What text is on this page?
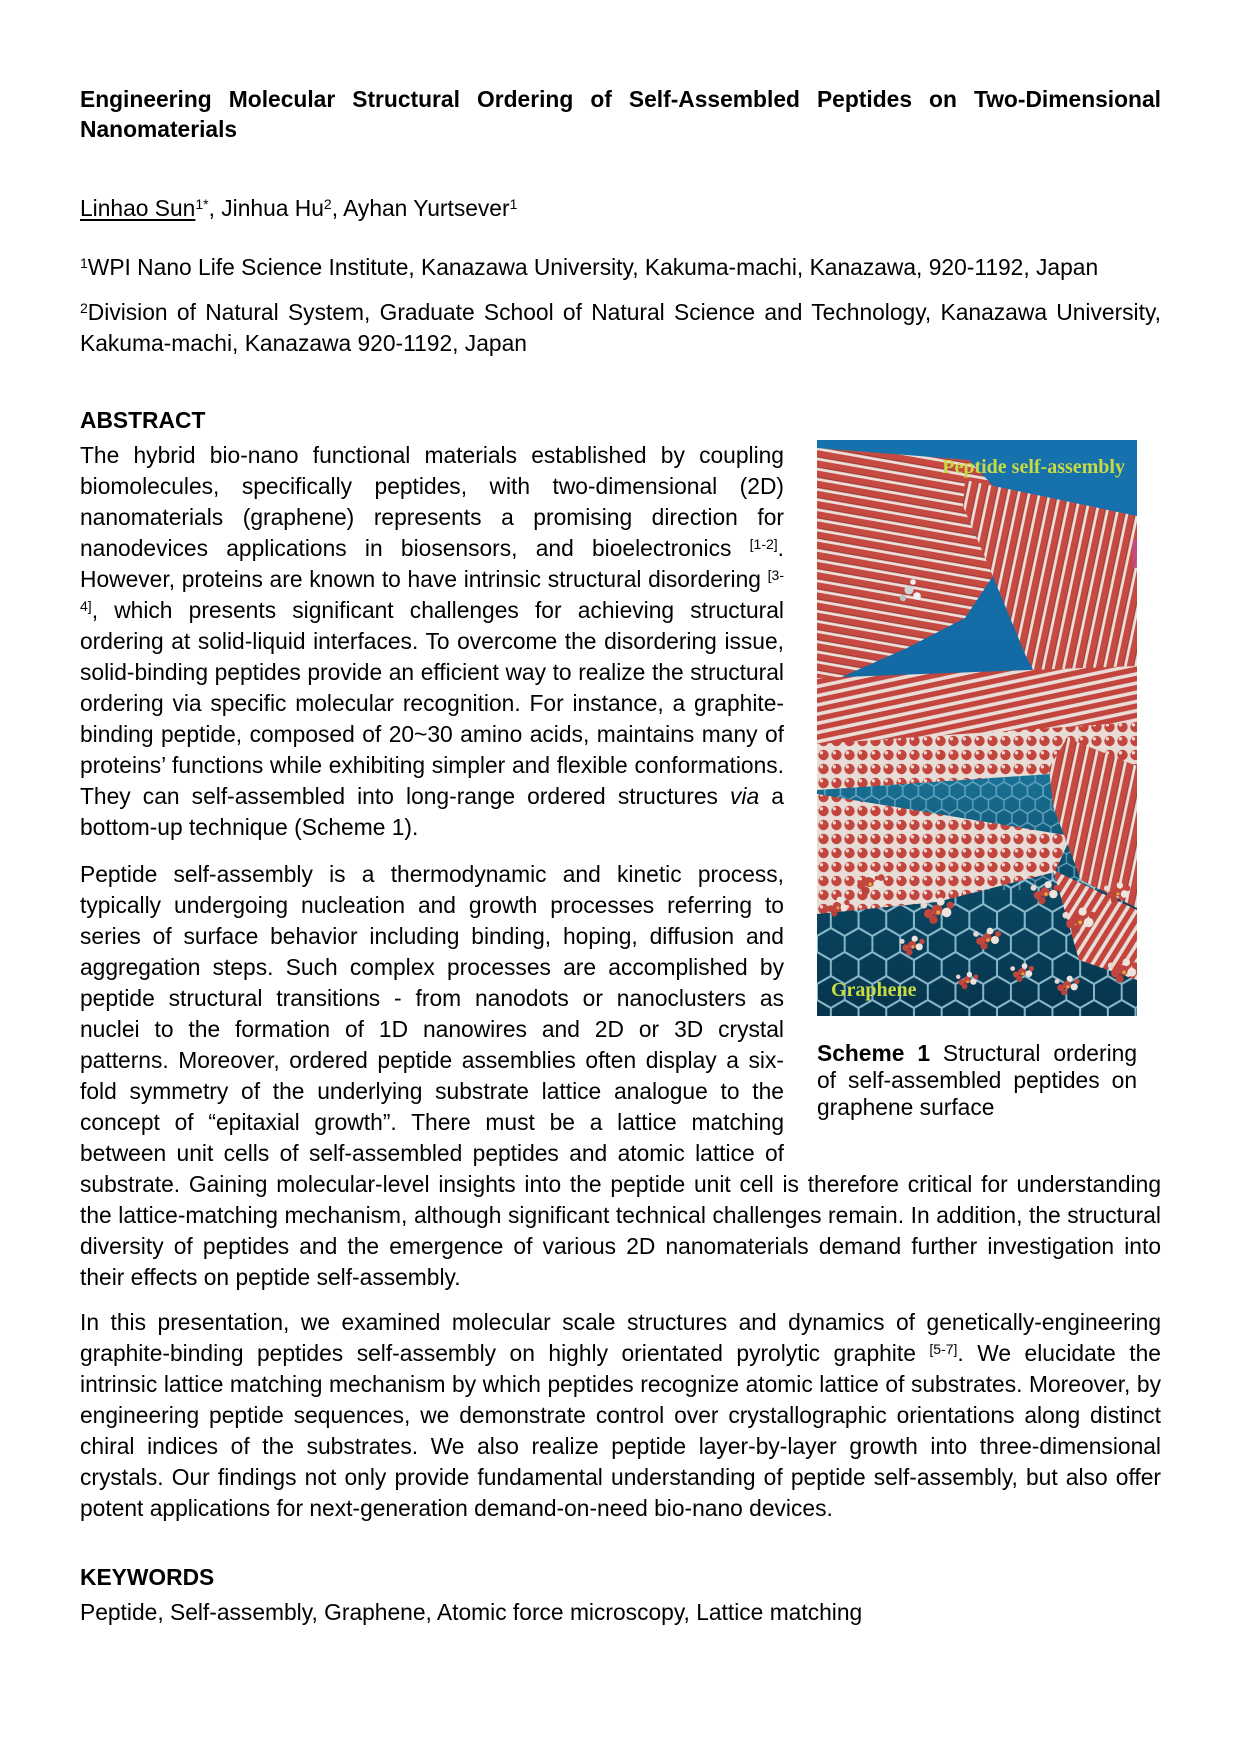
Engineering Molecular Structural Ordering of Self-Assembled Peptides on Two-Dimensional
Nanomaterials

Linhao Sun$^{1*}$, Jinhua Hu$^2$, Ayhan Yurtsever$^1$

$^1$WPI Nano Life Science Institute, Kanazawa University, Kakuma-machi, Kanazawa, 920-1192, Japan

$^2$Division of Natural System, Graduate School of Natural Science and Technology, Kanazawa University, Kakuma-machi, Kanazawa 920-1192, Japan

ABSTRACT
Peptide self-assembly
Graphene

Scheme 1 Structural ordering of self-assembled peptides on graphene surface

The hybrid bio-nano functional materials established by coupling biomolecules, specifically peptides, with two-dimensional (2D) nanomaterials (graphene) represents a promising direction for nanodevices applications in biosensors, and bioelectronics [1-2]. However, proteins are known to have intrinsic structural disordering [3-4], which presents significant challenges for achieving structural ordering at solid-liquid interfaces. To overcome the disordering issue, solid-binding peptides provide an efficient way to realize the structural ordering via specific molecular recognition. For instance, a graphite-binding peptide, composed of 20~30 amino acids, maintains many of proteins’ functions while exhibiting simpler and flexible conformations. They can self-assembled into long-range ordered structures via a bottom-up technique (Scheme 1).

Peptide self-assembly is a thermodynamic and kinetic process, typically undergoing nucleation and growth processes referring to series of surface behavior including binding, hoping, diffusion and aggregation steps. Such complex processes are accomplished by peptide structural transitions - from nanodots or nanoclusters as nuclei to the formation of 1D nanowires and 2D or 3D crystal patterns. Moreover, ordered peptide assemblies often display a six-fold symmetry of the underlying substrate lattice analogue to the concept of “epitaxial growth”. There must be a lattice matching between unit cells of self-assembled peptides and atomic lattice of substrate. Gaining molecular-level insights into the peptide unit cell is therefore critical for understanding the lattice-matching mechanism, although significant technical challenges remain. In addition, the structural diversity of peptides and the emergence of various 2D nanomaterials demand further investigation into their effects on peptide self-assembly.

In this presentation, we examined molecular scale structures and dynamics of genetically-engineering graphite-binding peptides self-assembly on highly orientated pyrolytic graphite [5-7]. We elucidate the intrinsic lattice matching mechanism by which peptides recognize atomic lattice of substrates. Moreover, by engineering peptide sequences, we demonstrate control over crystallographic orientations along distinct chiral indices of the substrates. We also realize peptide layer-by-layer growth into three-dimensional crystals. Our findings not only provide fundamental understanding of peptide self-assembly, but also offer potent applications for next-generation demand-on-need bio-nano devices.

KEYWORDS

Peptide, Self-assembly, Graphene, Atomic force microscopy, Lattice matching
